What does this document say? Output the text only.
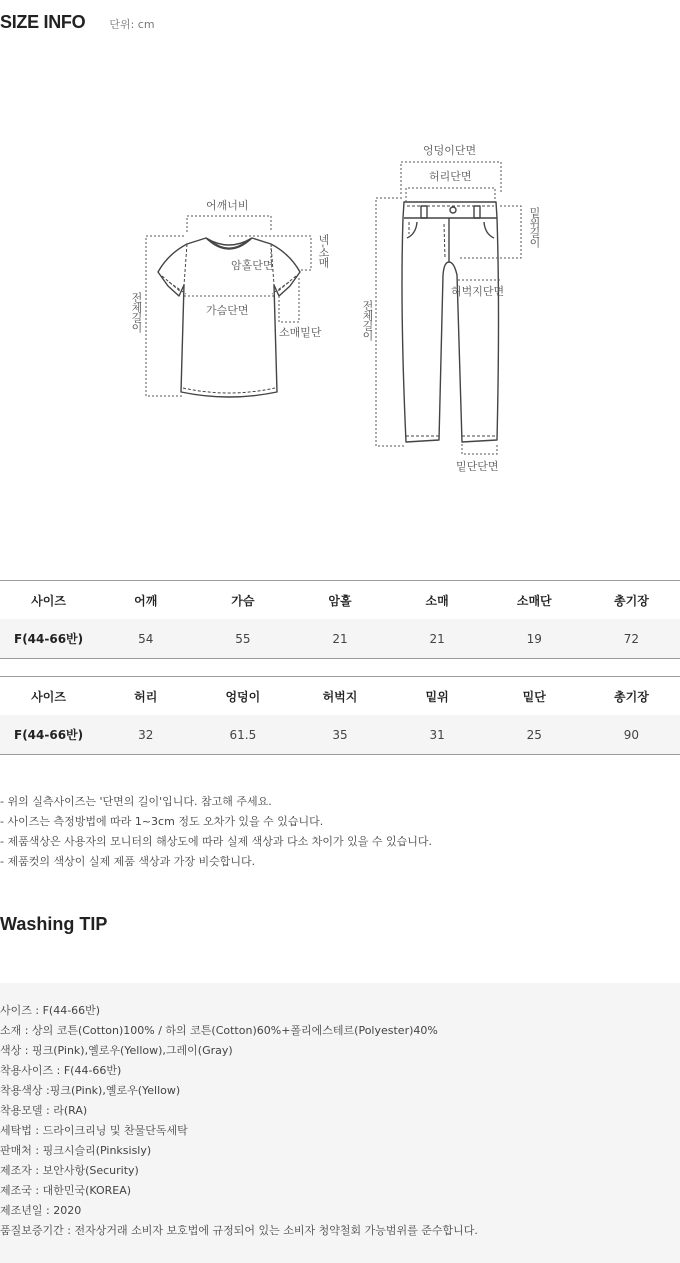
SIZE INFO 단위: cm
어깨너비
넥-소매
암홀단면
전체길이	가슴단면
소매밑단
엉덩이단면
허리단면
밑위길이
전체길이
허벅지단면
밑단단면
사이즈	어깨	가슴	암홀	소매	소매단	총기장
F(44-66반)	54	55	21	21	19	72
사이즈	허리	엉덩이	허벅지	밑위	밑단	총기장
F(44-66반)	32	61.5	35	31	25	90
- 위의 실측사이즈는 '단면의 길이'입니다. 참고해 주세요.
- 사이즈는 측정방법에 따라 1~3cm 정도 오차가 있을 수 있습니다.
- 제품색상은 사용자의 모니터의 해상도에 따라 실제 색상과 다소 차이가 있을 수 있습니다.
- 제품컷의 색상이 실제 제품 색상과 가장 비슷합니다.
Washing TIP
사이즈 : F(44-66반)
소재 : 상의 코튼(Cotton)100% / 하의 코튼(Cotton)60%+폴리에스테르(Polyester)40%
색상 : 핑크(Pink),옐로우(Yellow),그레이(Gray)
착용사이즈 : F(44-66반)
착용색상 :핑크(Pink),옐로우(Yellow)
착용모델 : 라(RA)
세탁법 : 드라이크리닝 및 찬물단독세탁
판매처 : 핑크시슬리(Pinksisly)
제조자 : 보안사항(Security)
제조국 : 대한민국(KOREA)
제조년일 : 2020
품질보증기간 : 전자상거래 소비자 보호법에 규정되어 있는 소비자 청약철회 가능범위를 준수합니다.
